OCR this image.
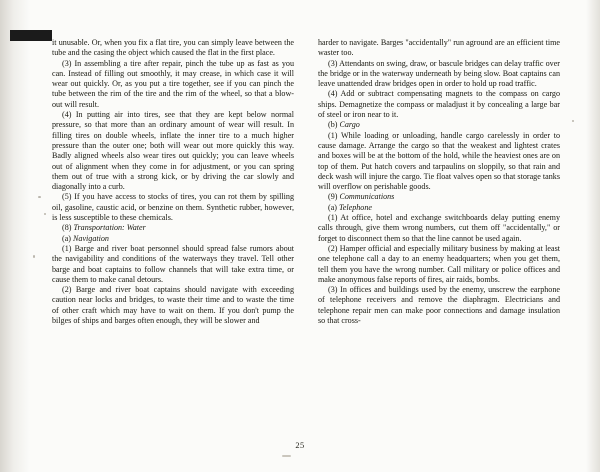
it unusable. Or, when you fix a flat tire, you can simply leave between the tube and the casing the object which caused the flat in the first place.

(3) In assembling a tire after repair, pinch the tube up as fast as you can. Instead of filling out smoothly, it may crease, in which case it will wear out quickly. Or, as you put a tire together, see if you can pinch the tube between the rim of the tire and the rim of the wheel, so that a blow-out will result.

(4) In putting air into tires, see that they are kept below normal pressure, so that more than an ordinary amount of wear will result. In filling tires on double wheels, inflate the inner tire to a much higher pressure than the outer one; both will wear out more quickly this way. Badly aligned wheels also wear tires out quickly; you can leave wheels out of alignment when they come in for adjustment, or you can spring them out of true with a strong kick, or by driving the car slowly and diagonally into a curb.

(5) If you have access to stocks of tires, you can rot them by spilling oil, gasoline, caustic acid, or benzine on them. Synthetic rubber, however, is less susceptible to these chemicals.

(8) Transportation: Water

(a) Navigation

(1) Barge and river boat personnel should spread false rumors about the navigability and conditions of the waterways they travel. Tell other barge and boat captains to follow channels that will take extra time, or cause them to make canal detours.

(2) Barge and river boat captains should navigate with exceeding caution near locks and bridges, to waste their time and to waste the time of other craft which may have to wait on them. If you don't pump the bilges of ships and barges often enough, they will be slower and

harder to navigate. Barges "accidentally" run aground are an efficient time waster too.

(3) Attendants on swing, draw, or bascule bridges can delay traffic over the bridge or in the waterway underneath by being slow. Boat captains can leave unattended draw bridges open in order to hold up road traffic.

(4) Add or subtract compensating magnets to the compass on cargo ships. Demagnetize the compass or maladjust it by concealing a large bar of steel or iron near to it.

(b) Cargo

(1) While loading or unloading, handle cargo carelessly in order to cause damage. Arrange the cargo so that the weakest and lightest crates and boxes will be at the bottom of the hold, while the heaviest ones are on top of them. Put hatch covers and tarpaulins on sloppily, so that rain and deck wash will injure the cargo. Tie float valves open so that storage tanks will overflow on perishable goods.

(9) Communications

(a) Telephone

(1) At office, hotel and exchange switchboards delay putting enemy calls through, give them wrong numbers, cut them off "accidentally," or forget to disconnect them so that the line cannot be used again.

(2) Hamper official and especially military business by making at least one telephone call a day to an enemy headquarters; when you get them, tell them you have the wrong number. Call military or police offices and make anonymous false reports of fires, air raids, bombs.

(3) In offices and buildings used by the enemy, unscrew the earphone of telephone receivers and remove the diaphragm. Electricians and telephone repair men can make poor connections and damage insulation so that cross-

25
